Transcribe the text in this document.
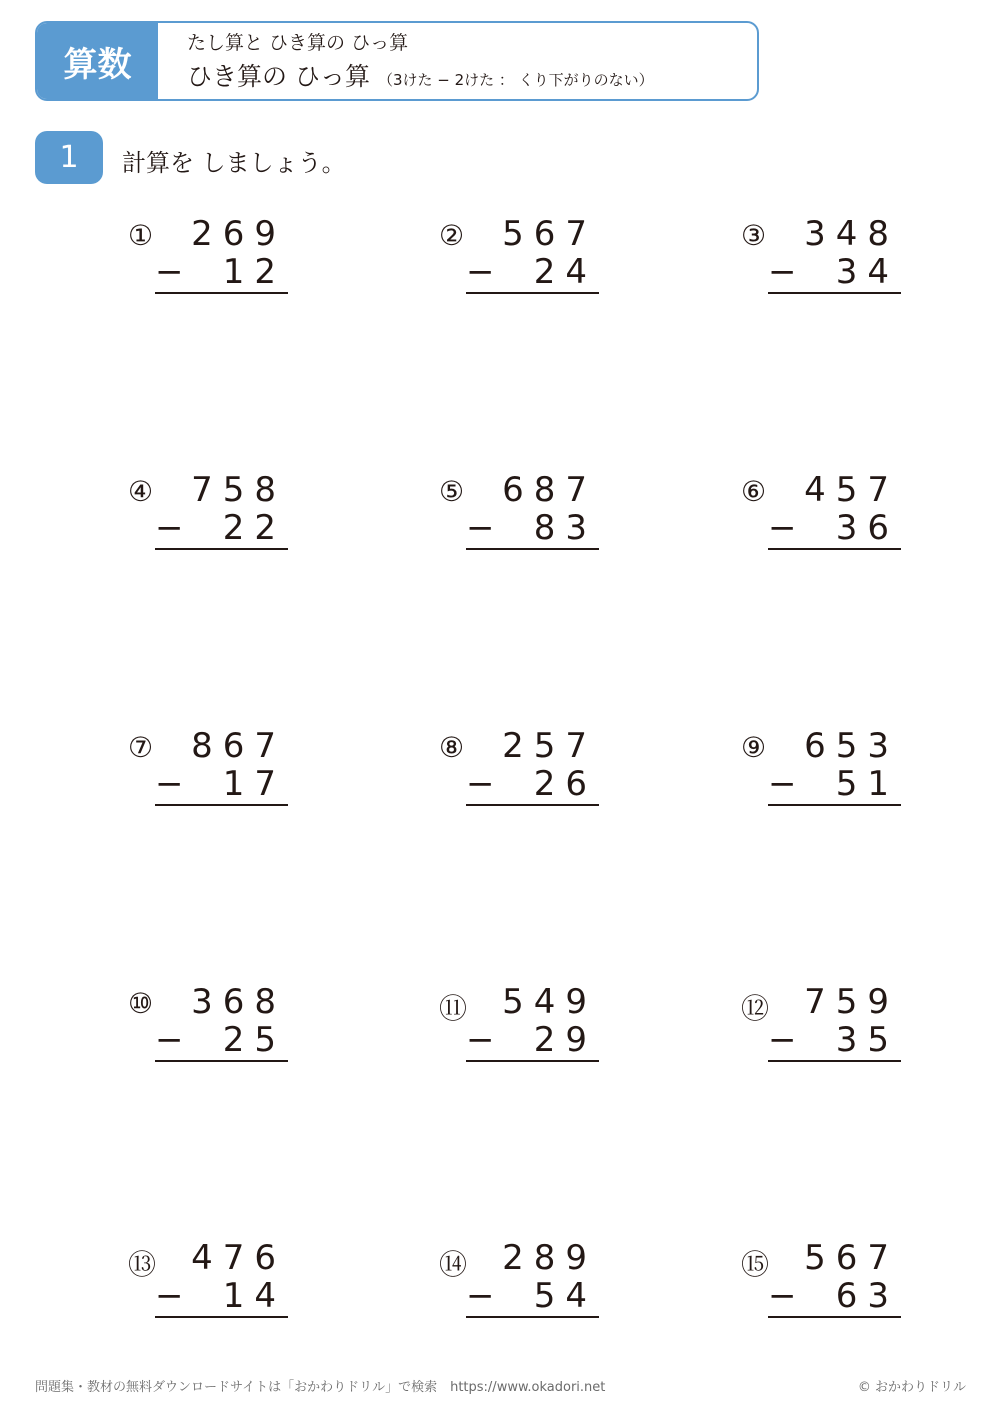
算数
たし算と ひき算の ひっ算
ひき算の ひっ算 （3けた − 2けた ： くり下がりのない）
1	計算を しましょう。
① 269
− 12
② 567
− 24
③ 348
− 34
④ 758
− 22
⑤ 687
− 83
⑥ 457
− 36
⑦ 867
− 17
⑧ 257
− 26
⑨ 653
− 51
⑩ 368
− 25
⑪ 549
− 29
⑫ 759
− 35
⑬ 476
− 14
⑭ 289
− 54
⑮ 567
− 63
問題集・教材の無料ダウンロードサイトは「おかわりドリル」で検索　https://www.okadori.net	© おかわりドリル
